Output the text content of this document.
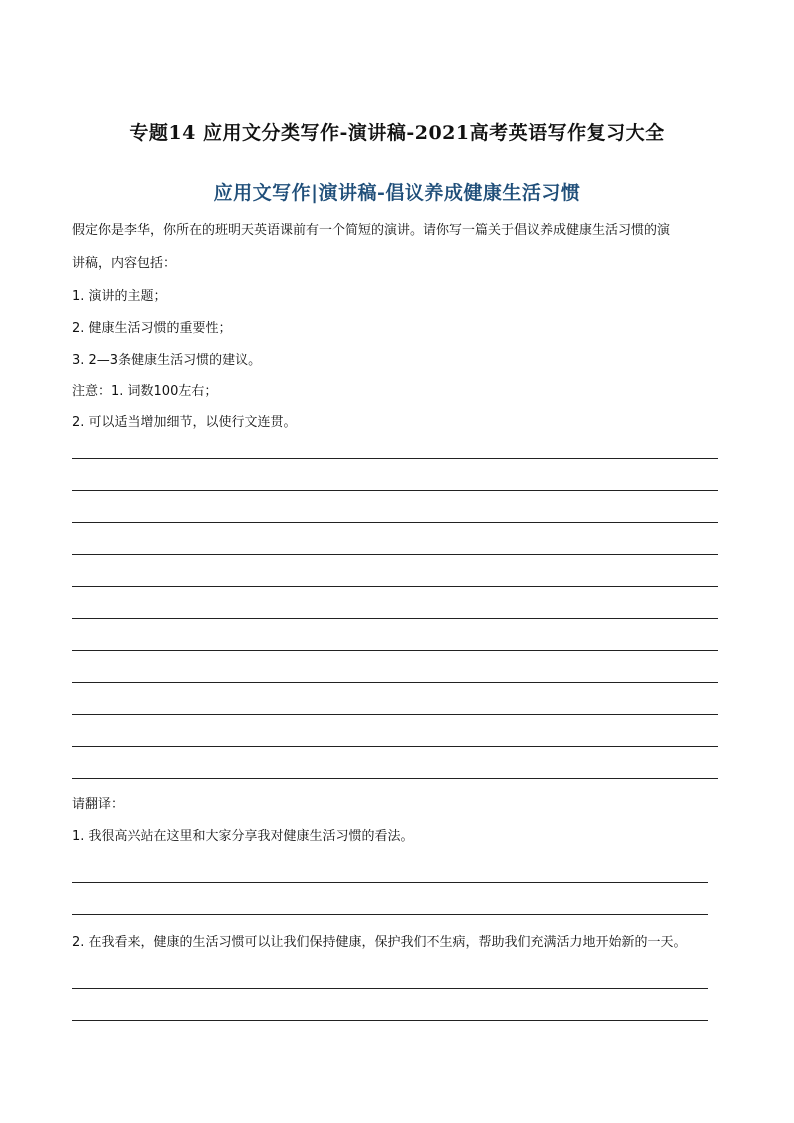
专题14 应用文分类写作-演讲稿-2021高考英语写作复习大全
应用文写作|演讲稿-倡议养成健康生活习惯
假定你是李华，你所在的班明天英语课前有一个简短的演讲。请你写一篇关于倡议养成健康生活习惯的演
讲稿，内容包括：
1. 演讲的主题；
2. 健康生活习惯的重要性；
3. 2—3条健康生活习惯的建议。
注意：1. 词数100左右；
2. 可以适当增加细节，以使行文连贯。
请翻译：
1. 我很高兴站在这里和大家分享我对健康生活习惯的看法。
2. 在我看来，健康的生活习惯可以让我们保持健康，保护我们不生病，帮助我们充满活力地开始新的一天。
